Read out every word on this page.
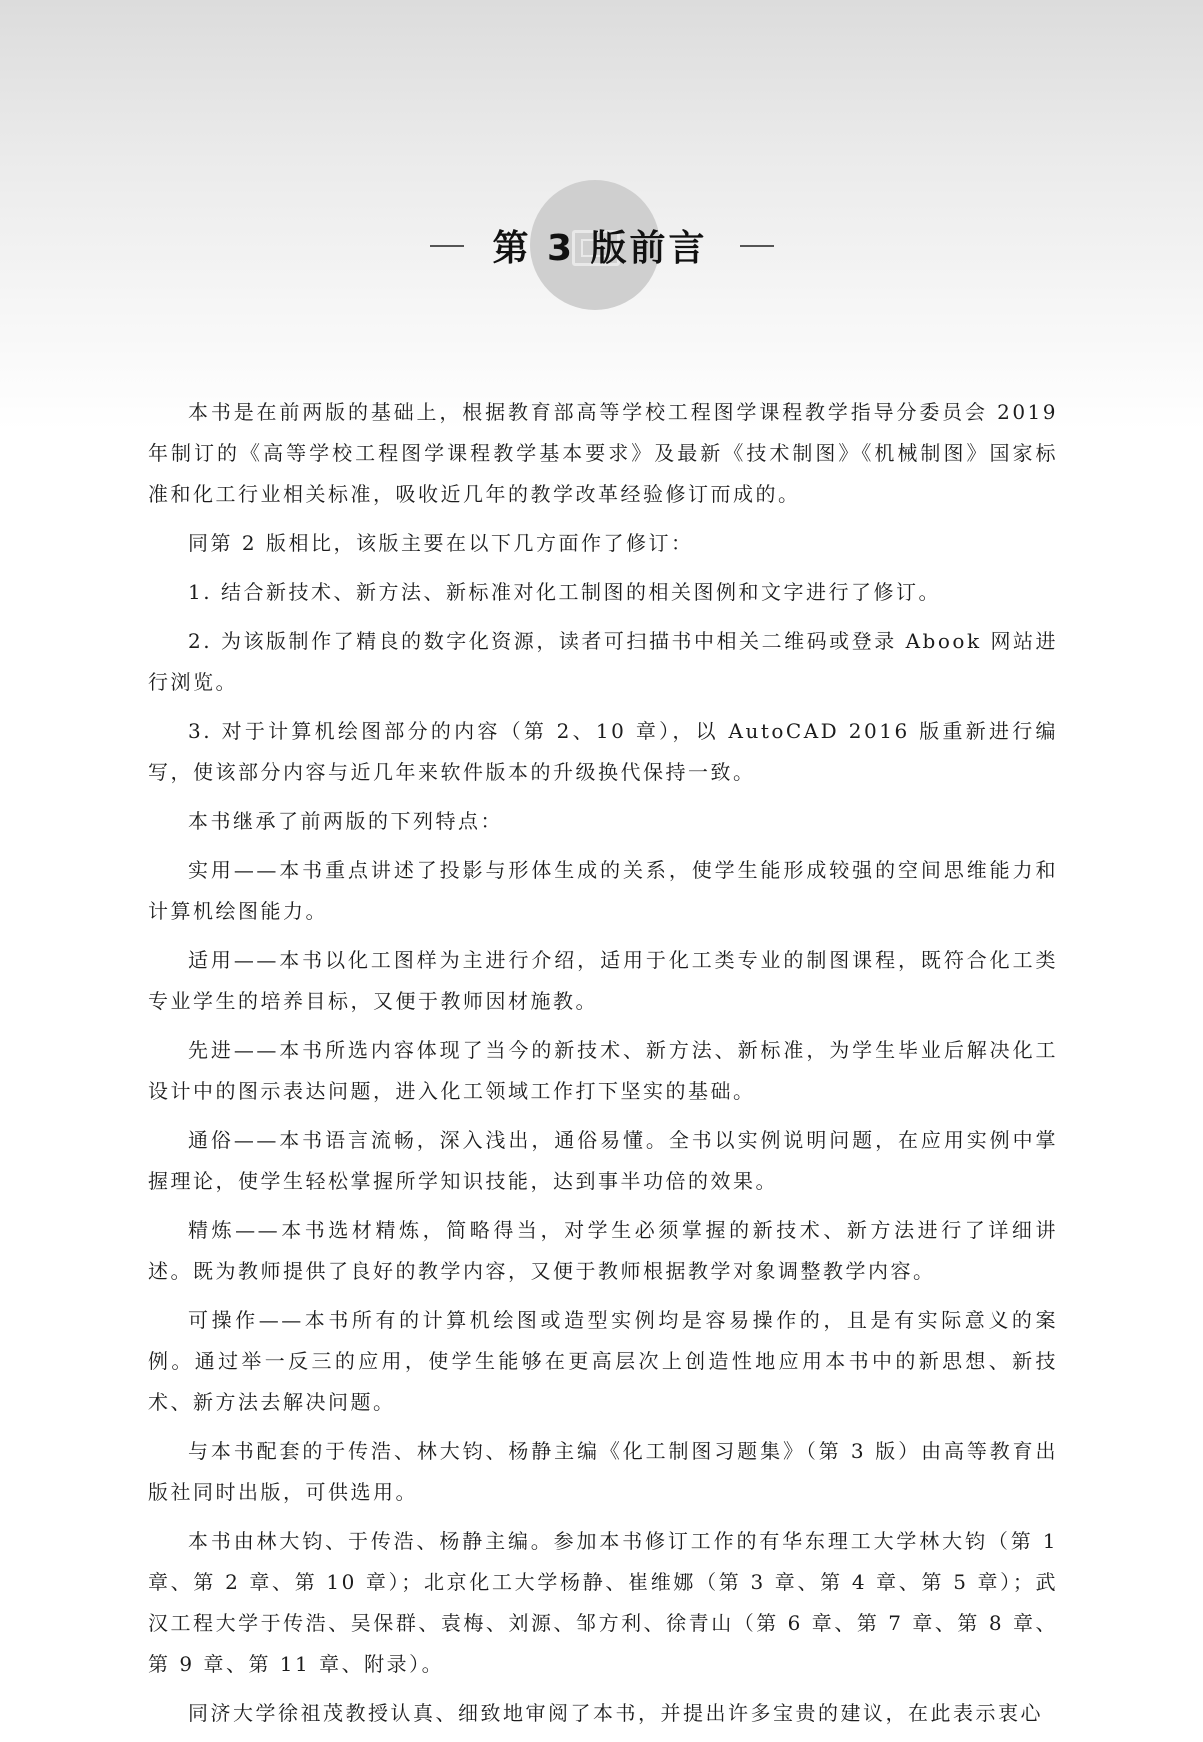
第 3 版前言

本书是在前两版的基础上，根据教育部高等学校工程图学课程教学指导分委员会 2019 年制订的《高等学校工程图学课程教学基本要求》及最新《技术制图》《机械制图》国家标准和化工行业相关标准，吸收近几年的教学改革经验修订而成的。

同第 2 版相比，该版主要在以下几方面作了修订：

1. 结合新技术、新方法、新标准对化工制图的相关图例和文字进行了修订。

2. 为该版制作了精良的数字化资源，读者可扫描书中相关二维码或登录 Abook 网站进行浏览。

3. 对于计算机绘图部分的内容（第 2、10 章），以 AutoCAD 2016 版重新进行编写，使该部分内容与近几年来软件版本的升级换代保持一致。

本书继承了前两版的下列特点：

实用——本书重点讲述了投影与形体生成的关系，使学生能形成较强的空间思维能力和计算机绘图能力。

适用——本书以化工图样为主进行介绍，适用于化工类专业的制图课程，既符合化工类专业学生的培养目标，又便于教师因材施教。

先进——本书所选内容体现了当今的新技术、新方法、新标准，为学生毕业后解决化工设计中的图示表达问题，进入化工领域工作打下坚实的基础。

通俗——本书语言流畅，深入浅出，通俗易懂。全书以实例说明问题，在应用实例中掌握理论，使学生轻松掌握所学知识技能，达到事半功倍的效果。

精炼——本书选材精炼，简略得当，对学生必须掌握的新技术、新方法进行了详细讲述。既为教师提供了良好的教学内容，又便于教师根据教学对象调整教学内容。

可操作——本书所有的计算机绘图或造型实例均是容易操作的，且是有实际意义的案例。通过举一反三的应用，使学生能够在更高层次上创造性地应用本书中的新思想、新技术、新方法去解决问题。

与本书配套的于传浩、林大钧、杨静主编《化工制图习题集》（第 3 版）由高等教育出版社同时出版，可供选用。

本书由林大钧、于传浩、杨静主编。参加本书修订工作的有华东理工大学林大钧（第 1 章、第 2 章、第 10 章）；北京化工大学杨静、崔维娜（第 3 章、第 4 章、第 5 章）；武汉工程大学于传浩、吴保群、袁梅、刘源、邹方利、徐青山（第 6 章、第 7 章、第 8 章、第 9 章、第 11 章、附录）。

同济大学徐祖茂教授认真、细致地审阅了本书，并提出许多宝贵的建议，在此表示衷心
